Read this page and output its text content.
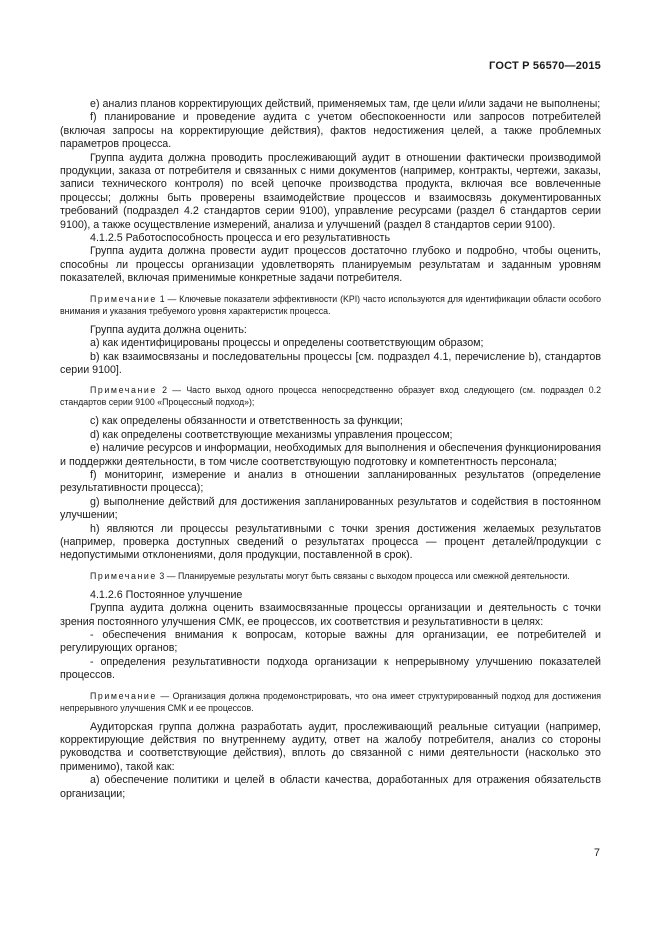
ГОСТ Р 56570—2015

e) анализ планов корректирующих действий, применяемых там, где цели и/или задачи не выполнены;

f) планирование и проведение аудита с учетом обеспокоенности или запросов потребителей (включая запросы на корректирующие действия), фактов недостижения целей, а также проблемных параметров процесса.

Группа аудита должна проводить прослеживающий аудит в отношении фактически производимой продукции, заказа от потребителя и связанных с ними документов (например, контракты, чертежи, заказы, записи технического контроля) по всей цепочке производства продукта, включая все вовлеченные процессы; должны быть проверены взаимодействие процессов и взаимосвязь документированных требований (подраздел 4.2 стандартов серии 9100), управление ресурсами (раздел 6 стандартов серии 9100), а также осуществление измерений, анализа и улучшений (раздел 8 стандартов серии 9100).

4.1.2.5 Работоспособность процесса и его результативность

Группа аудита должна провести аудит процессов достаточно глубоко и подробно, чтобы оценить, способны ли процессы организации удовлетворять планируемым результатам и заданным уровням показателей, включая применимые конкретные задачи потребителя.

Примечание 1 — Ключевые показатели эффективности (KPI) часто используются для идентификации области особого внимания и указания требуемого уровня характеристик процесса.

Группа аудита должна оценить:

а) как идентифицированы процессы и определены соответствующим образом;

b) как взаимосвязаны и последовательны процессы [см. подраздел 4.1, перечисление b), стандартов серии 9100].

Примечание 2 — Часто выход одного процесса непосредственно образует вход следующего (см. подраздел 0.2 стандартов серии 9100 «Процессный подход»);

с) как определены обязанности и ответственность за функции;

d) как определены соответствующие механизмы управления процессом;

е) наличие ресурсов и информации, необходимых для выполнения и обеспечения функционирования и поддержки деятельности, в том числе соответствующую подготовку и компетентность персонала;

f) мониторинг, измерение и анализ в отношении запланированных результатов (определение результативности процесса);

g) выполнение действий для достижения запланированных результатов и содействия в постоянном улучшении;

h) являются ли процессы результативными с точки зрения достижения желаемых результатов (например, проверка доступных сведений о результатах процесса — процент деталей/продукции с недопустимыми отклонениями, доля продукции, поставленной в срок).

Примечание 3 — Планируемые результаты могут быть связаны с выходом процесса или смежной деятельности.

4.1.2.6 Постоянное улучшение

Группа аудита должна оценить взаимосвязанные процессы организации и деятельность с точки зрения постоянного улучшения СМК, ее процессов, их соответствия и результативности в целях:

- обеспечения внимания к вопросам, которые важны для организации, ее потребителей и регулирующих органов;

- определения результативности подхода организации к непрерывному улучшению показателей процессов.

Примечание — Организация должна продемонстрировать, что она имеет структурированный подход для достижения непрерывного улучшения СМК и ее процессов.

Аудиторская группа должна разработать аудит, прослеживающий реальные ситуации (например, корректирующие действия по внутреннему аудиту, ответ на жалобу потребителя, анализ со стороны руководства и соответствующие действия), вплоть до связанной с ними деятельности (насколько это применимо), такой как:

а) обеспечение политики и целей в области качества, доработанных для отражения обязательств организации;

7
